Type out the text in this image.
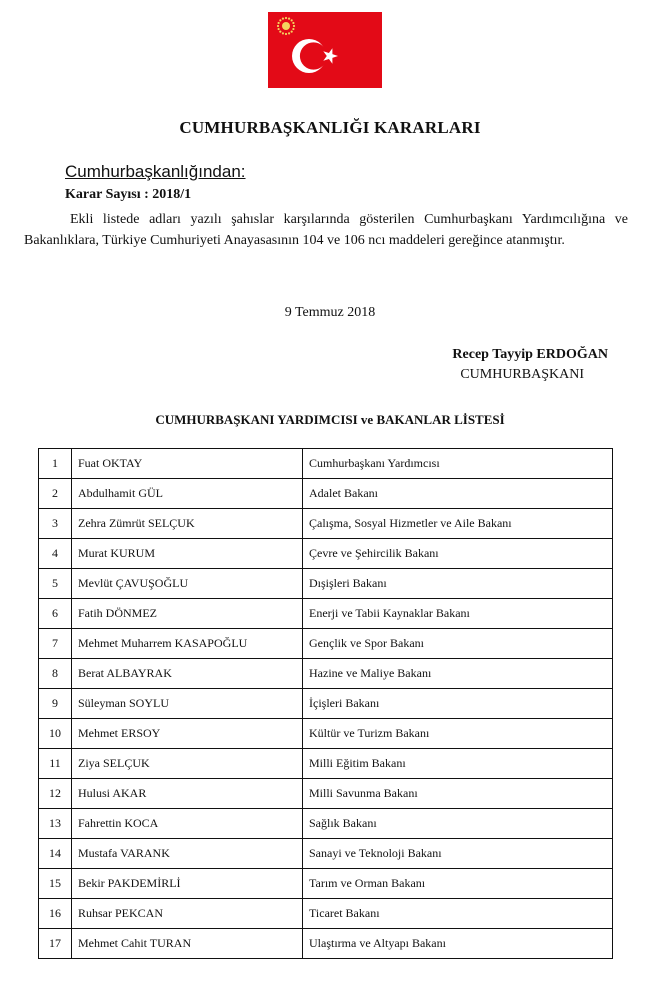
CUMHURBAŞKANLIĞI KARARLARI
Cumhurbaşkanlığından:
Karar Sayısı : 2018/1
Ekli listede adları yazılı şahıslar karşılarında gösterilen Cumhurbaşkanı Yardımcılığına ve Bakanlıklara, Türkiye Cumhuriyeti Anayasasının 104 ve 106 ncı maddeleri gereğince atanmıştır.
9 Temmuz 2018
Recep Tayyip ERDOĞAN
CUMHURBAŞKANI
CUMHURBAŞKANI YARDIMCISI ve BAKANLAR LİSTESİ
1	Fuat OKTAY	Cumhurbaşkanı Yardımcısı
2	Abdulhamit GÜL	Adalet Bakanı
3	Zehra Zümrüt SELÇUK	Çalışma, Sosyal Hizmetler ve Aile Bakanı
4	Murat KURUM	Çevre ve Şehircilik Bakanı
5	Mevlüt ÇAVUŞOĞLU	Dışişleri Bakanı
6	Fatih DÖNMEZ	Enerji ve Tabii Kaynaklar Bakanı
7	Mehmet Muharrem KASAPOĞLU	Gençlik ve Spor Bakanı
8	Berat ALBAYRAK	Hazine ve Maliye Bakanı
9	Süleyman SOYLU	İçişleri Bakanı
10	Mehmet ERSOY	Kültür ve Turizm Bakanı
11	Ziya SELÇUK	Milli Eğitim Bakanı
12	Hulusi AKAR	Milli Savunma Bakanı
13	Fahrettin KOCA	Sağlık Bakanı
14	Mustafa VARANK	Sanayi ve Teknoloji Bakanı
15	Bekir PAKDEMİRLİ	Tarım ve Orman Bakanı
16	Ruhsar PEKCAN	Ticaret Bakanı
17	Mehmet Cahit TURAN	Ulaştırma ve Altyapı Bakanı
